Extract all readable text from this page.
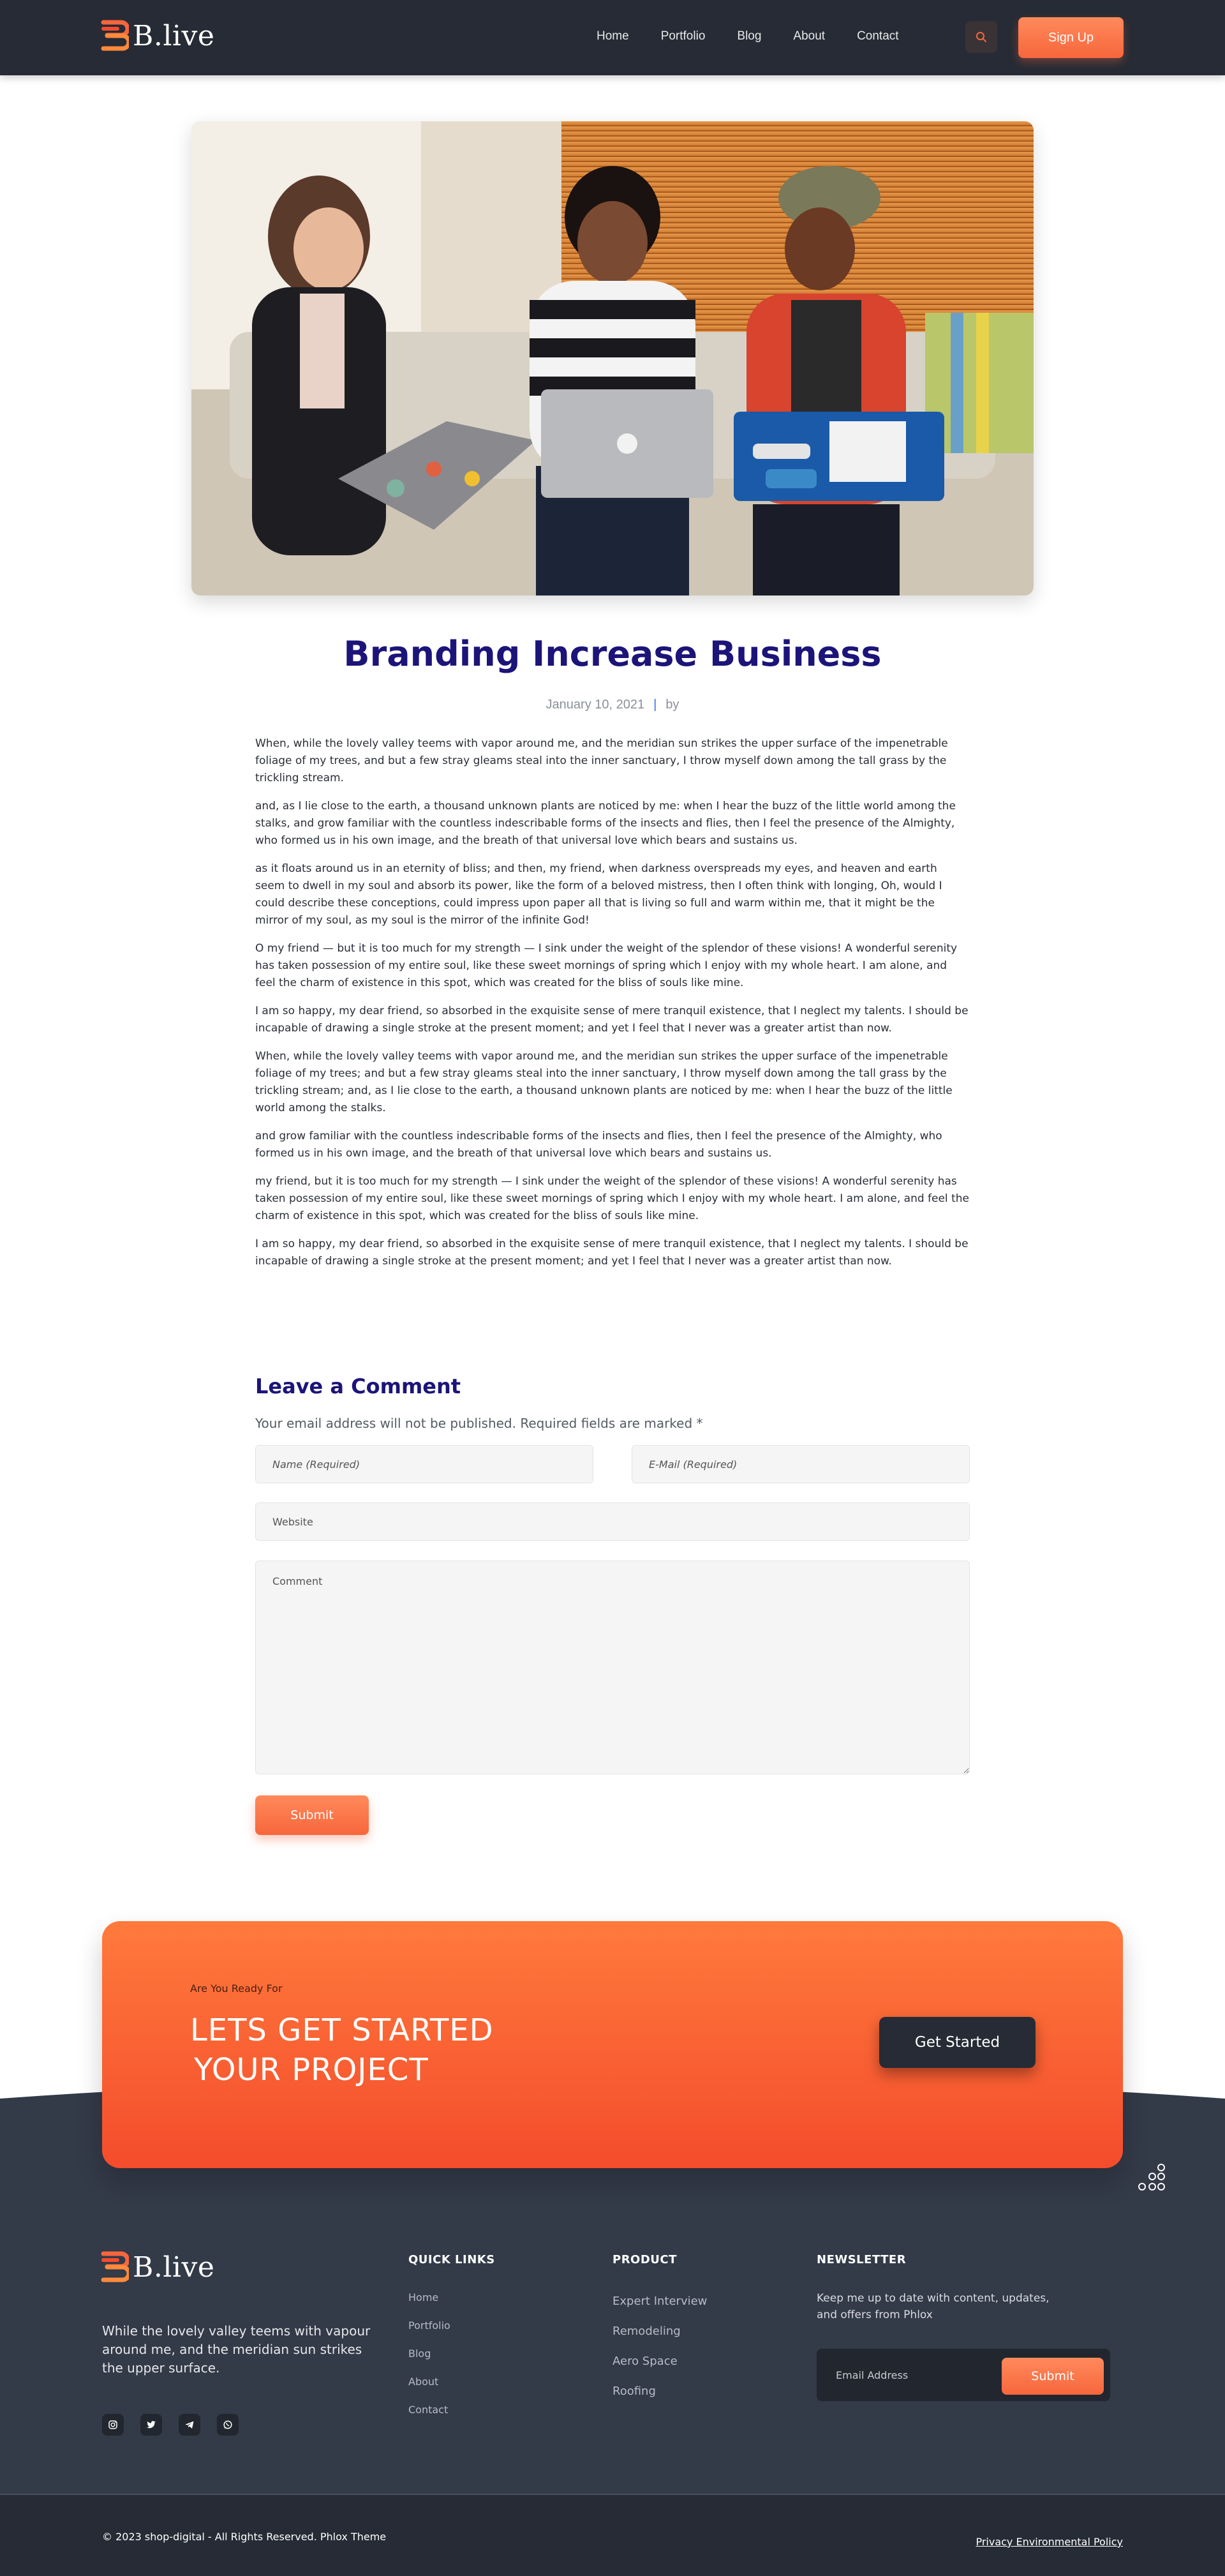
B.live	Home	Portfolio	Blog	About	Contact	Sign Up
Branding Increase Business
January 10, 2021 | by

When, while the lovely valley teems with vapor around me, and the meridian sun strikes the upper surface of the impenetrable foliage of my trees, and but a few stray gleams steal into the inner sanctuary, I throw myself down among the tall grass by the trickling stream.

and, as I lie close to the earth, a thousand unknown plants are noticed by me: when I hear the buzz of the little world among the stalks, and grow familiar with the countless indescribable forms of the insects and flies, then I feel the presence of the Almighty, who formed us in his own image, and the breath of that universal love which bears and sustains us.

as it floats around us in an eternity of bliss; and then, my friend, when darkness overspreads my eyes, and heaven and earth seem to dwell in my soul and absorb its power, like the form of a beloved mistress, then I often think with longing, Oh, would I could describe these conceptions, could impress upon paper all that is living so full and warm within me, that it might be the mirror of my soul, as my soul is the mirror of the infinite God!

O my friend — but it is too much for my strength — I sink under the weight of the splendor of these visions! A wonderful serenity has taken possession of my entire soul, like these sweet mornings of spring which I enjoy with my whole heart. I am alone, and feel the charm of existence in this spot, which was created for the bliss of souls like mine.

I am so happy, my dear friend, so absorbed in the exquisite sense of mere tranquil existence, that I neglect my talents. I should be incapable of drawing a single stroke at the present moment; and yet I feel that I never was a greater artist than now.

When, while the lovely valley teems with vapor around me, and the meridian sun strikes the upper surface of the impenetrable foliage of my trees; and but a few stray gleams steal into the inner sanctuary, I throw myself down among the tall grass by the trickling stream; and, as I lie close to the earth, a thousand unknown plants are noticed by me: when I hear the buzz of the little world among the stalks.

and grow familiar with the countless indescribable forms of the insects and flies, then I feel the presence of the Almighty, who formed us in his own image, and the breath of that universal love which bears and sustains us.

my friend, but it is too much for my strength — I sink under the weight of the splendor of these visions! A wonderful serenity has taken possession of my entire soul, like these sweet mornings of spring which I enjoy with my whole heart. I am alone, and feel the charm of existence in this spot, which was created for the bliss of souls like mine.

I am so happy, my dear friend, so absorbed in the exquisite sense of mere tranquil existence, that I neglect my talents. I should be incapable of drawing a single stroke at the present moment; and yet I feel that I never was a greater artist than now.

Leave a Comment
Your email address will not be published. Required fields are marked *
Name (Required)
E-Mail (Required)
Website
Comment
Submit
Are You Ready For
LETS GET STARTED
YOUR PROJECT
Get Started
B.live

While the lovely valley teems with vapour around me, and the meridian sun strikes the upper surface.

QUICK LINKS
Home
Portfolio
Blog
About
Contact
PRODUCT
Expert Interview
Remodeling
Aero Space
Roofing
NEWSLETTER

Keep me up to date with content, updates, and offers from Phlox

Email Address
Submit
© 2023 shop-digital - All Rights Reserved. Phlox Theme	Privacy Environmental Policy
